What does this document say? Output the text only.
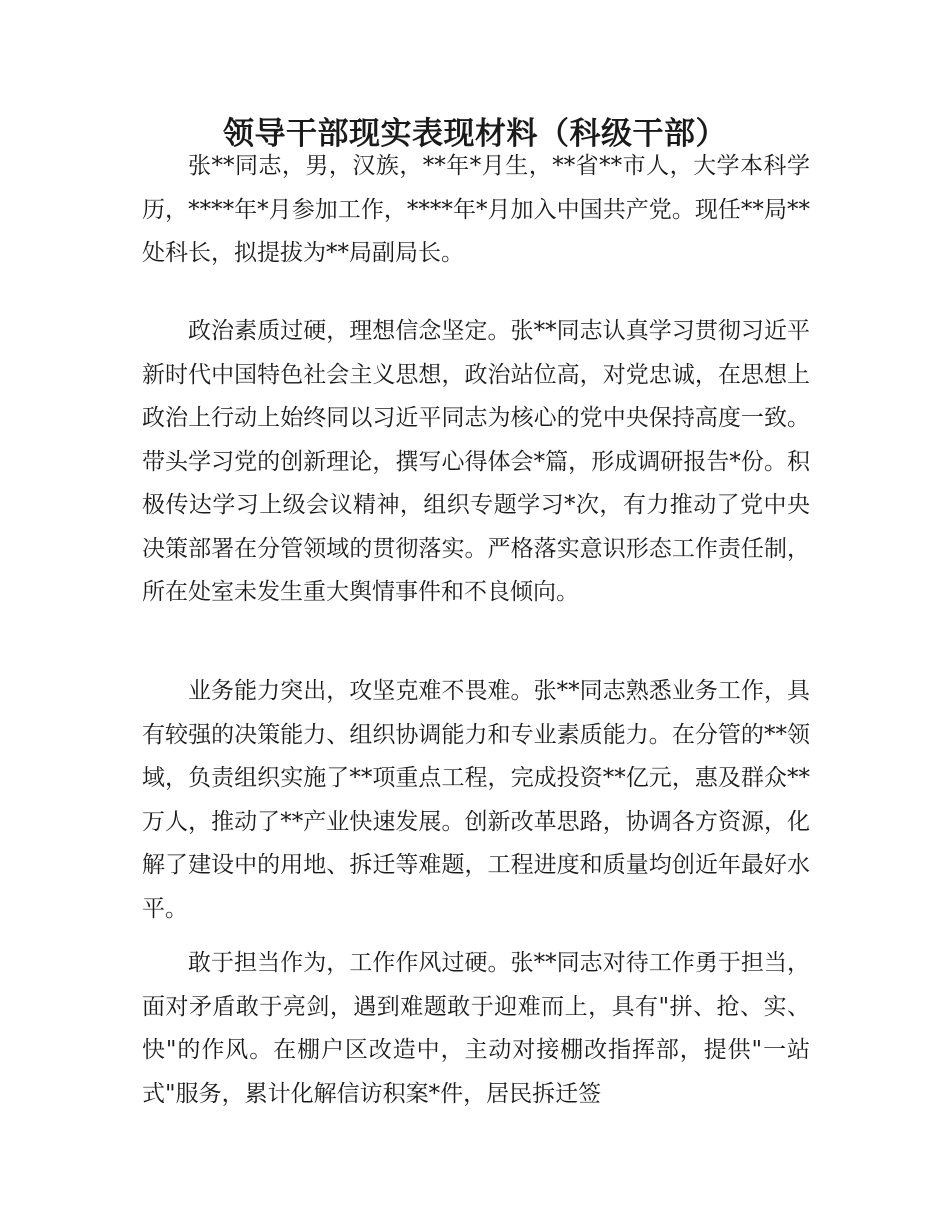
领导干部现实表现材料（科级干部）

张**同志，男，汉族，**年*月生，**省**市人，大学本科学历，****年*月参加工作，****年*月加入中国共产党。现任**局**处科长，拟提拔为**局副局长。

政治素质过硬，理想信念坚定。张**同志认真学习贯彻习近平新时代中国特色社会主义思想，政治站位高，对党忠诚，在思想上政治上行动上始终同以习近平同志为核心的党中央保持高度一致。带头学习党的创新理论，撰写心得体会*篇，形成调研报告*份。积极传达学习上级会议精神，组织专题学习*次，有力推动了党中央决策部署在分管领域的贯彻落实。严格落实意识形态工作责任制，所在处室未发生重大舆情事件和不良倾向。

业务能力突出，攻坚克难不畏难。张**同志熟悉业务工作，具有较强的决策能力、组织协调能力和专业素质能力。在分管的**领域，负责组织实施了**项重点工程，完成投资**亿元，惠及群众**万人，推动了**产业快速发展。创新改革思路，协调各方资源，化解了建设中的用地、拆迁等难题，工程进度和质量均创近年最好水平。

敢于担当作为，工作作风过硬。张**同志对待工作勇于担当，面对矛盾敢于亮剑，遇到难题敢于迎难而上，具有"拼、抢、实、快"的作风。在棚户区改造中，主动对接棚改指挥部，提供"一站式"服务，累计化解信访积案*件，居民拆迁签
